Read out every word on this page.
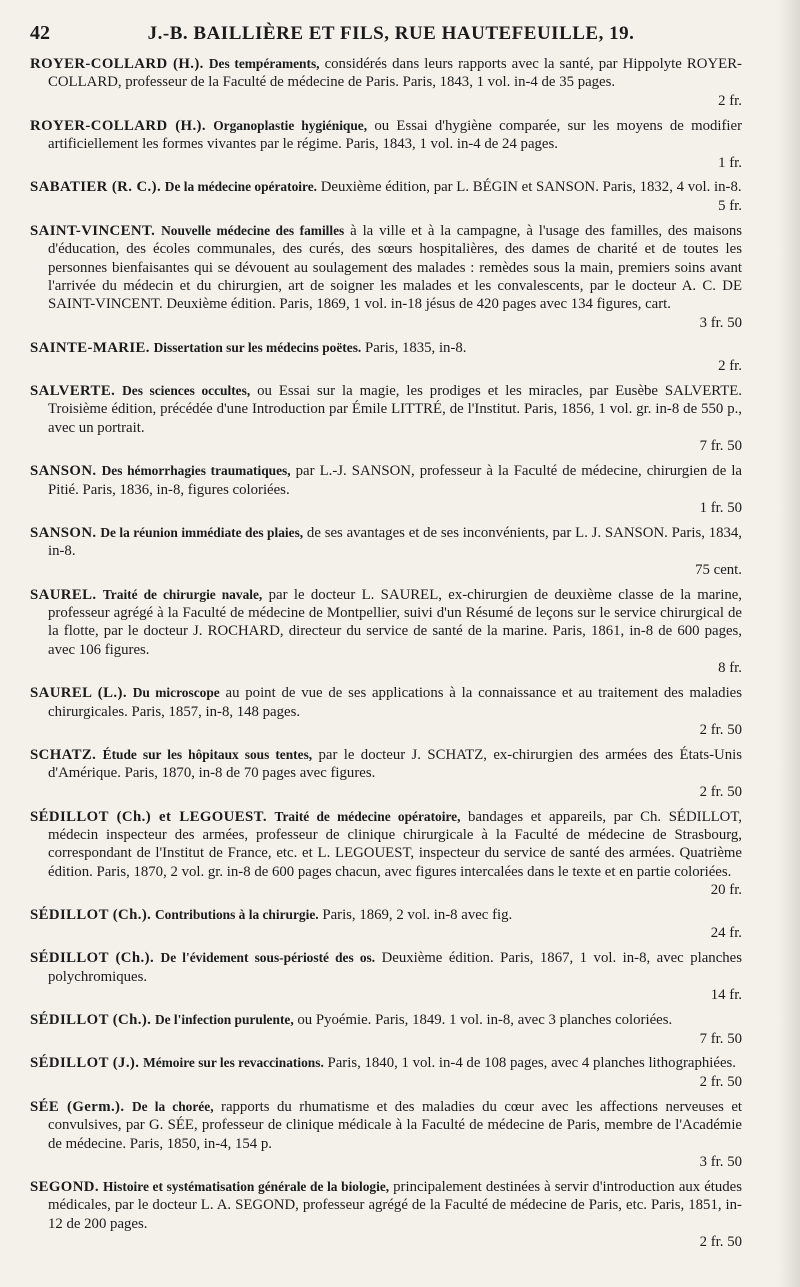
42	J.-B. BAILLIÈRE ET FILS, RUE HAUTEFEUILLE, 19.

ROYER-COLLARD (H.). Des tempéraments, considérés dans leurs rapports avec la santé, par Hippolyte ROYER-COLLARD, professeur de la Faculté de médecine de Paris. Paris, 1843, 1 vol. in-4 de 35 pages.

2 fr.

ROYER-COLLARD (H.). Organoplastie hygiénique, ou Essai d'hygiène comparée, sur les moyens de modifier artificiellement les formes vivantes par le régime. Paris, 1843, 1 vol. in-4 de 24 pages.

1 fr.

SABATIER (R. C.). De la médecine opératoire. Deuxième édition, par L. BÉGIN et SANSON. Paris, 1832, 4 vol. in-8.

5 fr.

SAINT-VINCENT. Nouvelle médecine des familles à la ville et à la campagne, à l'usage des familles, des maisons d'éducation, des écoles communales, des curés, des sœurs hospitalières, des dames de charité et de toutes les personnes bienfaisantes qui se dévouent au soulagement des malades : remèdes sous la main, premiers soins avant l'arrivée du médecin et du chirurgien, art de soigner les malades et les convalescents, par le docteur A. C. DE SAINT-VINCENT. Deuxième édition. Paris, 1869, 1 vol. in-18 jésus de 420 pages avec 134 figures, cart.

3 fr. 50

SAINTE-MARIE. Dissertation sur les médecins poëtes. Paris, 1835, in-8.

2 fr.

SALVERTE. Des sciences occultes, ou Essai sur la magie, les prodiges et les miracles, par Eusèbe SALVERTE. Troisième édition, précédée d'une Introduction par Émile LITTRÉ, de l'Institut. Paris, 1856, 1 vol. gr. in-8 de 550 p., avec un portrait.

7 fr. 50

SANSON. Des hémorrhagies traumatiques, par L.-J. SANSON, professeur à la Faculté de médecine, chirurgien de la Pitié. Paris, 1836, in-8, figures coloriées.

1 fr. 50

SANSON. De la réunion immédiate des plaies, de ses avantages et de ses inconvénients, par L. J. SANSON. Paris, 1834, in-8.

75 cent.

SAUREL. Traité de chirurgie navale, par le docteur L. SAUREL, ex-chirurgien de deuxième classe de la marine, professeur agrégé à la Faculté de médecine de Montpellier, suivi d'un Résumé de leçons sur le service chirurgical de la flotte, par le docteur J. ROCHARD, directeur du service de santé de la marine. Paris, 1861, in-8 de 600 pages, avec 106 figures.

8 fr.

SAUREL (L.). Du microscope au point de vue de ses applications à la connaissance et au traitement des maladies chirurgicales. Paris, 1857, in-8, 148 pages.

2 fr. 50

SCHATZ. Étude sur les hôpitaux sous tentes, par le docteur J. SCHATZ, ex-chirurgien des armées des États-Unis d'Amérique. Paris, 1870, in-8 de 70 pages avec figures.

2 fr. 50

SÉDILLOT (Ch.) et LEGOUEST. Traité de médecine opératoire, bandages et appareils, par Ch. SÉDILLOT, médecin inspecteur des armées, professeur de clinique chirurgicale à la Faculté de médecine de Strasbourg, correspondant de l'Institut de France, etc. et L. LEGOUEST, inspecteur du service de santé des armées. Quatrième édition. Paris, 1870, 2 vol. gr. in-8 de 600 pages chacun, avec figures intercalées dans le texte et en partie coloriées.

20 fr.

SÉDILLOT (Ch.). Contributions à la chirurgie. Paris, 1869, 2 vol. in-8 avec fig.

24 fr.

SÉDILLOT (Ch.). De l'évidement sous-périosté des os. Deuxième édition. Paris, 1867, 1 vol. in-8, avec planches polychromiques.

14 fr.

SÉDILLOT (Ch.). De l'infection purulente, ou Pyoémie. Paris, 1849. 1 vol. in-8, avec 3 planches coloriées.

7 fr. 50

SÉDILLOT (J.). Mémoire sur les revaccinations. Paris, 1840, 1 vol. in-4 de 108 pages, avec 4 planches lithographiées.

2 fr. 50

SÉE (Germ.). De la chorée, rapports du rhumatisme et des maladies du cœur avec les affections nerveuses et convulsives, par G. SÉE, professeur de clinique médicale à la Faculté de médecine de Paris, membre de l'Académie de médecine. Paris, 1850, in-4, 154 p.

3 fr. 50

SEGOND. Histoire et systématisation générale de la biologie, principalement destinées à servir d'introduction aux études médicales, par le docteur L. A. SEGOND, professeur agrégé de la Faculté de médecine de Paris, etc. Paris, 1851, in-12 de 200 pages.

2 fr. 50
